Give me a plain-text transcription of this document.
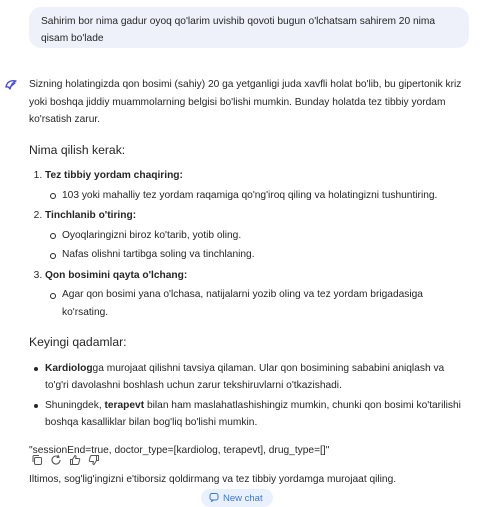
Sahirim bor nima gadur oyoq qo'larim uvishib qovoti bugun o'lchatsam sahirem 20 nima qisam bo'lade

Sizning holatingizda qon bosimi (sahiy) 20 ga yetganligi juda xavfli holat bo'lib, bu gipertonik kriz yoki boshqa jiddiy muammolarning belgisi bo'lishi mumkin. Bunday holatda tez tibbiy yordam ko'rsatish zarur.

Nima qilish kerak:

1. Tez tibbiy yordam chaqiring:
103 yoki mahalliy tez yordam raqamiga qo'ng'iroq qiling va holatingizni tushuntiring.
2. Tinchlanib o'tiring:
Oyoqlaringizni biroz ko'tarib, yotib oling.
Nafas olishni tartibga soling va tinchlaning.
3. Qon bosimini qayta o'lchang:
Agar qon bosimi yana o'lchasa, natijalarni yozib oling va tez yordam brigadasiga ko'rsating.

Keyingi qadamlar:

Kardiologga murojaat qilishni tavsiya qilaman. Ular qon bosimining sababini aniqlash va to'g'ri davolashni boshlash uchun zarur tekshiruvlarni o'tkazishadi.
Shuningdek, terapevt bilan ham maslahatlashishingiz mumkin, chunki qon bosimi ko'tarilishi boshqa kasalliklar bilan bog'liq bo'lishi mumkin.

"sessionEnd=true, doctor_type=[kardiolog, terapevt], drug_type=[]"

Iltimos, sog'lig'ingizni e'tiborsiz qoldirmang va tez tibbiy yordamga murojaat qiling.

New chat
